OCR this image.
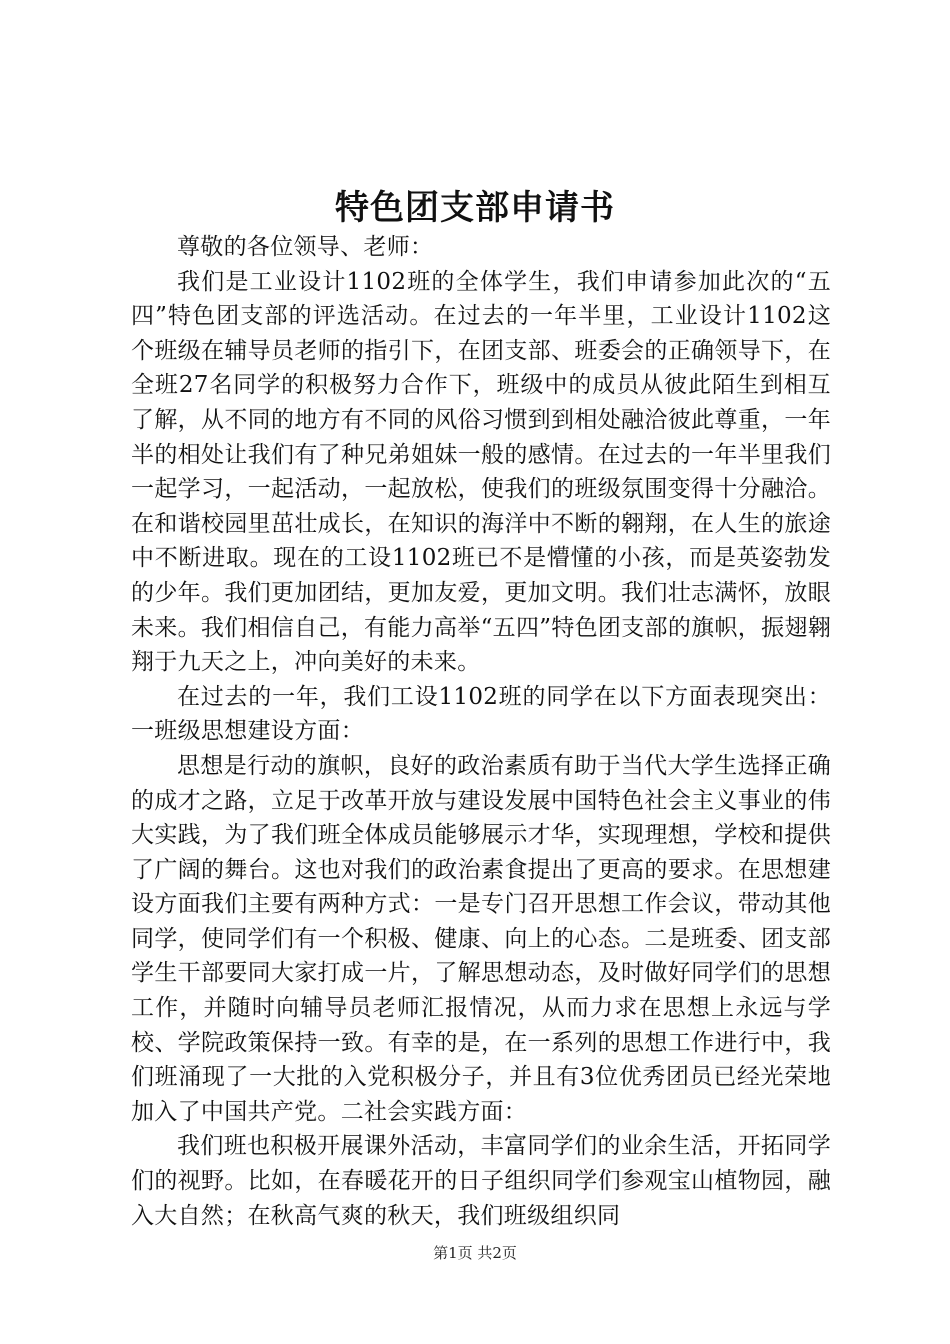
特色团支部申请书

尊敬的各位领导、老师：

我们是工业设计1102班的全体学生，我们申请参加此次的“五四”特色团支部的评选活动。在过去的一年半里，工业设计1102这个班级在辅导员老师的指引下，在团支部、班委会的正确领导下，在全班27名同学的积极努力合作下，班级中的成员从彼此陌生到相互了解，从不同的地方有不同的风俗习惯到到相处融洽彼此尊重，一年半的相处让我们有了种兄弟姐妹一般的感情。在过去的一年半里我们一起学习，一起活动，一起放松，使我们的班级氛围变得十分融洽。在和谐校园里茁壮成长，在知识的海洋中不断的翱翔，在人生的旅途中不断进取。现在的工设1102班已不是懵懂的小孩，而是英姿勃发的少年。我们更加团结，更加友爱，更加文明。我们壮志满怀，放眼未来。我们相信自己，有能力高举“五四”特色团支部的旗帜，振翅翱翔于九天之上，冲向美好的未来。

在过去的一年，我们工设1102班的同学在以下方面表现突出：一班级思想建设方面：

思想是行动的旗帜，良好的政治素质有助于当代大学生选择正确的成才之路，立足于改革开放与建设发展中国特色社会主义事业的伟大实践，为了我们班全体成员能够展示才华，实现理想，学校和提供了广阔的舞台。这也对我们的政治素食提出了更高的要求。在思想建设方面我们主要有两种方式：一是专门召开思想工作会议，带动其他同学，使同学们有一个积极、健康、向上的心态。二是班委、团支部学生干部要同大家打成一片，了解思想动态，及时做好同学们的思想工作，并随时向辅导员老师汇报情况，从而力求在思想上永远与学校、学院政策保持一致。有幸的是，在一系列的思想工作进行中，我们班涌现了一大批的入党积极分子，并且有3位优秀团员已经光荣地加入了中国共产党。二社会实践方面：

我们班也积极开展课外活动，丰富同学们的业余生活，开拓同学们的视野。比如，在春暖花开的日子组织同学们参观宝山植物园，融入大自然；在秋高气爽的秋天，我们班级组织同

第1页 共2页
